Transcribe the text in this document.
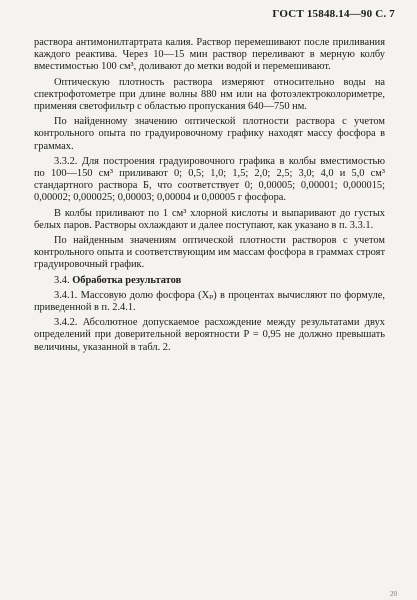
ГОСТ 15848.14—90 С. 7

раствора антимонилтартрата калия. Раствор перемешивают после приливания каждого реактива. Через 10—15 мин раствор переливают в мерную колбу вместимостью 100 см³, доливают до метки водой и перемешивают.

Оптическую плотность раствора измеряют относительно воды на спектрофотометре при длине волны 880 нм или на фотоэлектроколориметре, применяя светофильтр с областью пропускания 640—750 нм.

По найденному значению оптической плотности раствора с учетом контрольного опыта по градуировочному графику находят массу фосфора в граммах.

3.3.2. Для построения градуировочного графика в колбы вместимостью по 100—150 см³ приливают 0; 0,5; 1,0; 1,5; 2,0; 2,5; 3,0; 4,0 и 5,0 см³ стандартного раствора Б, что соответствует 0; 0,00005; 0,00001; 0,000015; 0,00002; 0,000025; 0,00003; 0,00004 и 0,00005 г фосфора.

В колбы приливают по 1 см³ хлорной кислоты и выпаривают до густых белых паров. Растворы охлаждают и далее поступают, как указано в п. 3.3.1.

По найденным значениям оптической плотности растворов с учетом контрольного опыта и соответствующим им массам фосфора в граммах строят градуировочный график.

3.4. Обработка результатов

3.4.1. Массовую долю фосфора (Xₚ) в процентах вычисляют по формуле, приведенной в п. 2.4.1.

3.4.2. Абсолютное допускаемое расхождение между результатами двух определений при доверительной вероятности P = 0,95 не должно превышать величины, указанной в табл. 2.

20
